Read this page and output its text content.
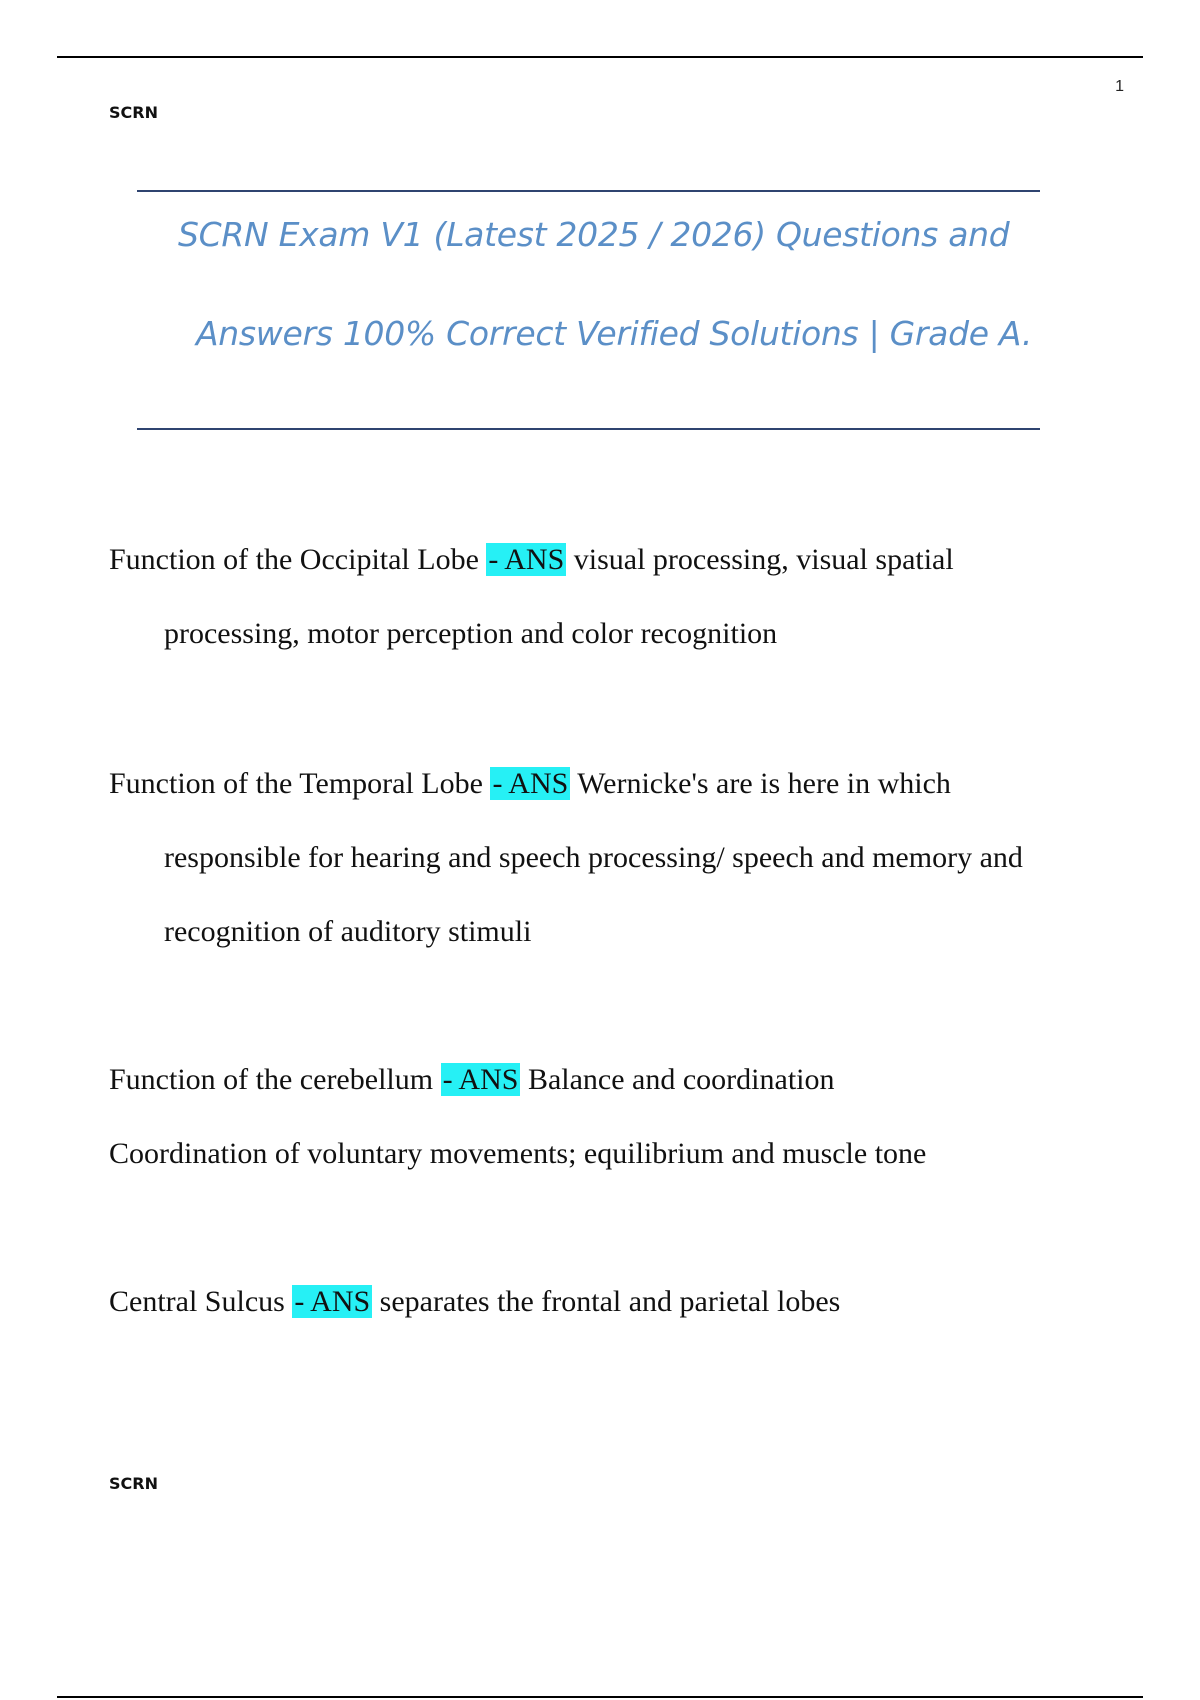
1
SCRN
SCRN Exam V1 (Latest 2025 / 2026) Questions and
Answers 100% Correct Verified Solutions | Grade A.
Function of the Occipital Lobe - ANS visual processing, visual spatial
processing, motor perception and color recognition
Function of the Temporal Lobe - ANS Wernicke's are is here in which
responsible for hearing and speech processing/ speech and memory and
recognition of auditory stimuli
Function of the cerebellum - ANS Balance and coordination
Coordination of voluntary movements; equilibrium and muscle tone
Central Sulcus - ANS separates the frontal and parietal lobes
SCRN
